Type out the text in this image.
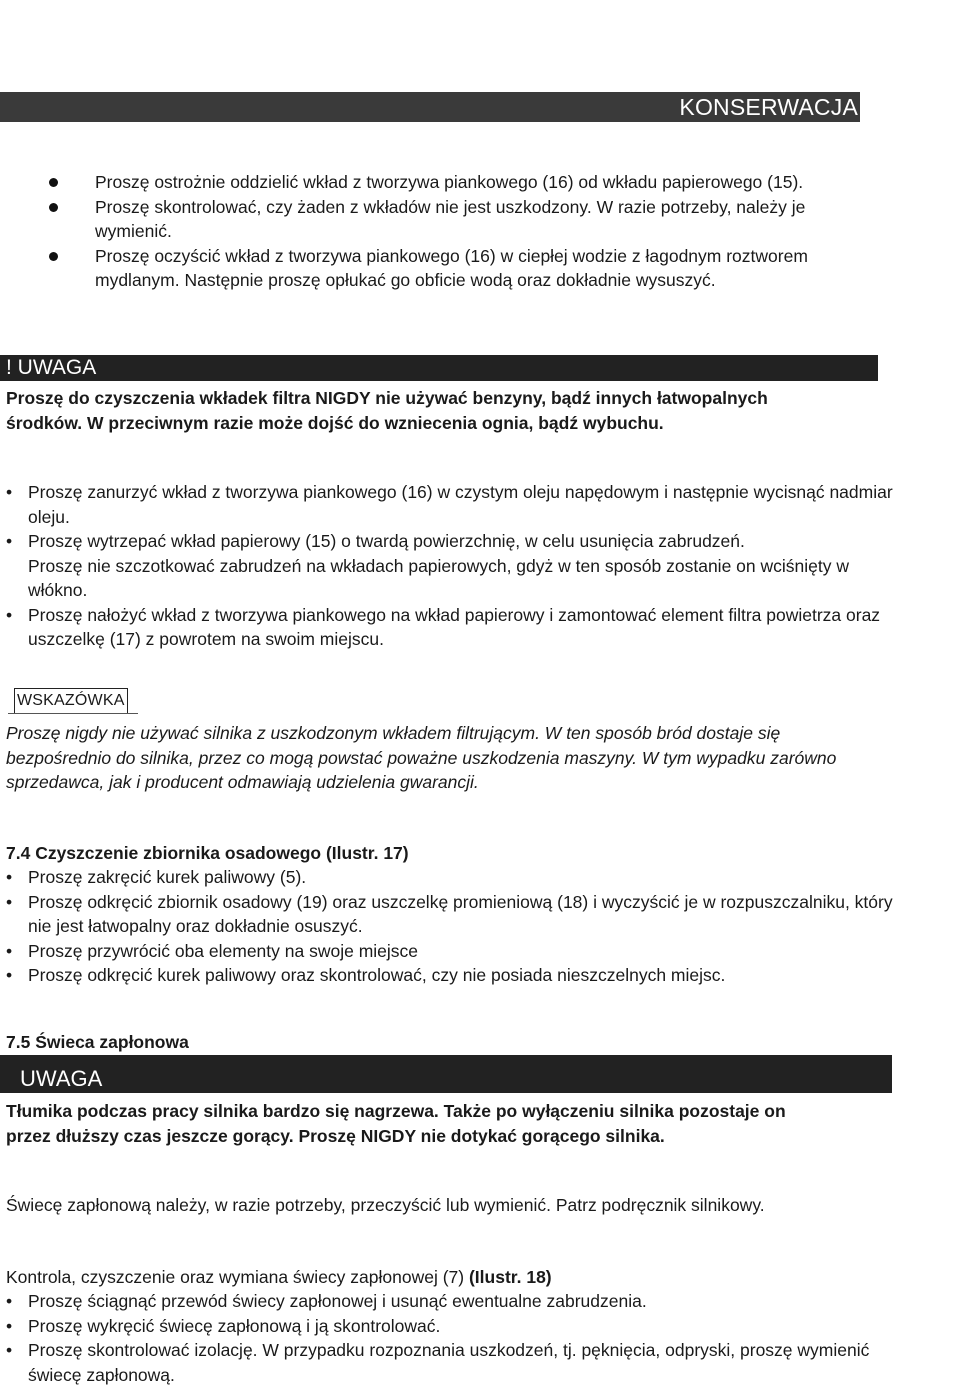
KONSERWACJA
Proszę ostrożnie oddzielić wkład z tworzywa piankowego (16) od wkładu papierowego (15).
Proszę skontrolować, czy żaden z wkładów nie jest uszkodzony. W razie potrzeby, należy je wymienić.
Proszę oczyścić wkład z tworzywa piankowego (16) w ciepłej wodzie z łagodnym roztworem mydlanym. Następnie proszę opłukać go obficie wodą oraz dokładnie wysuszyć.
! UWAGA
Proszę do czyszczenia wkładek filtra NIGDY nie używać benzyny, bądź innych łatwopalnych środków. W przeciwnym razie może dojść do wzniecenia ognia, bądź wybuchu.
• Proszę zanurzyć wkład z tworzywa piankowego (16) w czystym oleju napędowym i następnie wycisnąć nadmiar oleju.
• Proszę wytrzepać wkład papierowy (15) o twardą powierzchnię, w celu usunięcia zabrudzeń.
Proszę nie szczotkować zabrudzeń na wkładach papierowych, gdyż w ten sposób zostanie on wciśnięty w włókno.
• Proszę nałożyć wkład z tworzywa piankowego na wkład papierowy i zamontować element filtra powietrza oraz uszczelkę (17) z powrotem na swoim miejscu.
WSKAZÓWKA
Proszę nigdy nie używać silnika z uszkodzonym wkładem filtrującym. W ten sposób bród dostaje się bezpośrednio do silnika, przez co mogą powstać poważne uszkodzenia maszyny. W tym wypadku zarówno sprzedawca, jak i producent odmawiają udzielenia gwarancji.
7.4 Czyszczenie zbiornika osadowego (Ilustr. 17)
• Proszę zakręcić kurek paliwowy (5).
• Proszę odkręcić zbiornik osadowy (19) oraz uszczelkę promieniową (18) i wyczyścić je w rozpuszczalniku, który nie jest łatwopalny oraz dokładnie osuszyć.
• Proszę przywrócić oba elementy na swoje miejsce
• Proszę odkręcić kurek paliwowy oraz skontrolować, czy nie posiada nieszczelnych miejsc.
7.5 Świeca zapłonowa
UWAGA
Tłumika podczas pracy silnika bardzo się nagrzewa. Także po wyłączeniu silnika pozostaje on przez dłuższy czas jeszcze gorący. Proszę NIGDY nie dotykać gorącego silnika.
Świecę zapłonową należy, w razie potrzeby, przeczyścić lub wymienić. Patrz podręcznik silnikowy.
Kontrola, czyszczenie oraz wymiana świecy zapłonowej (7) (Ilustr. 18)
• Proszę ściągnąć przewód świecy zapłonowej i usunąć ewentualne zabrudzenia.
• Proszę wykręcić świecę zapłonową i ją skontrolować.
• Proszę skontrolować izolację. W przypadku rozpoznania uszkodzeń, tj. pęknięcia, odpryski, proszę wymienić świecę zapłonową.
